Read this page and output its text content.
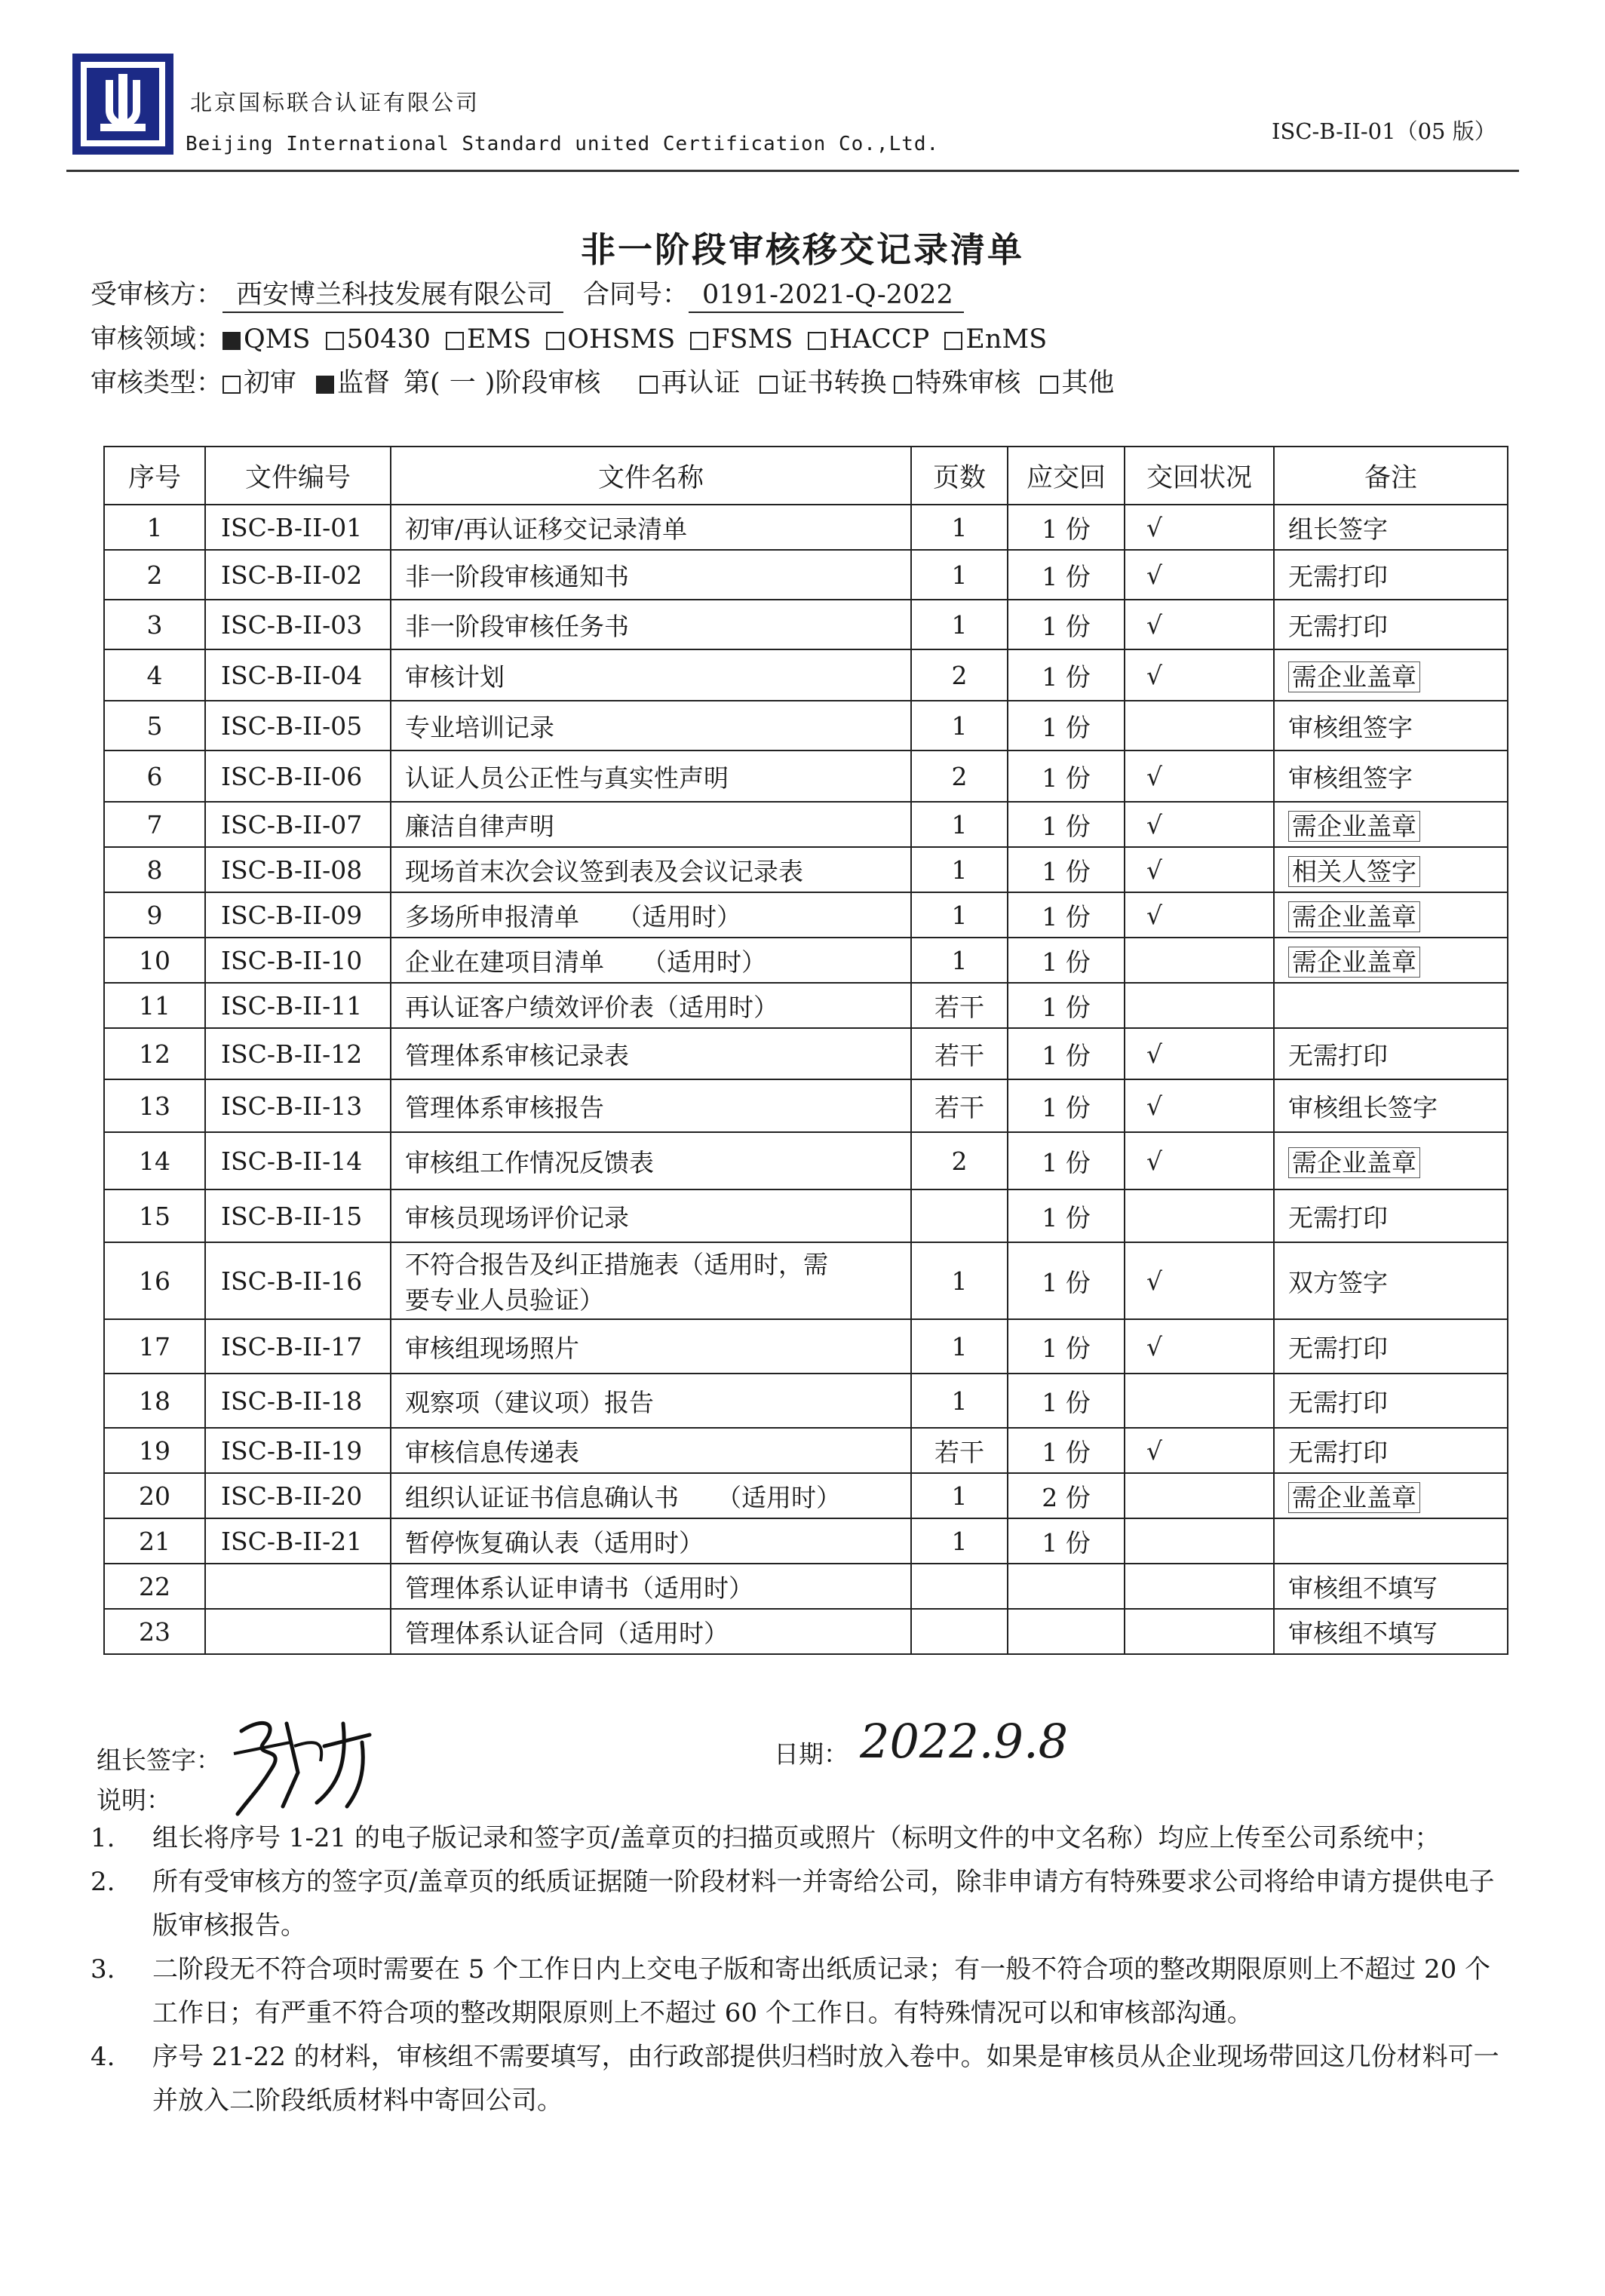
北京国标联合认证有限公司
Beijing International Standard united Certification Co.,Ltd.	ISC-B-II-01（05 版）
非一阶段审核移交记录清单
受审核方： 西安博兰科技发展有限公司 合同号： 0191-2021-Q-2022
审核领域： QMS 50430 EMS OHSMS FSMS HACCP EnMS
审核类型： 初审 监督 第( 一 )阶段审核 再认证 证书转换 特殊审核 其他
序号	文件编号	文件名称	页数	应交回	交回状况	备注
1	ISC-B-II-01	初审/再认证移交记录清单	1	1 份	√	组长签字
2	ISC-B-II-02	非一阶段审核通知书	1	1 份	√	无需打印
3	ISC-B-II-03	非一阶段审核任务书	1	1 份	√	无需打印
4	ISC-B-II-04	审核计划	2	1 份	√	需企业盖章
5	ISC-B-II-05	专业培训记录	1	1 份		审核组签字
6	ISC-B-II-06	认证人员公正性与真实性声明	2	1 份	√	审核组签字
7	ISC-B-II-07	廉洁自律声明	1	1 份	√	需企业盖章
8	ISC-B-II-08	现场首末次会议签到表及会议记录表	1	1 份	√	相关人签字
9	ISC-B-II-09	多场所申报清单 （适用时）	1	1 份	√	需企业盖章
10	ISC-B-II-10	企业在建项目清单 （适用时）	1	1 份		需企业盖章
11	ISC-B-II-11	再认证客户绩效评价表（适用时）	若干	1 份		
12	ISC-B-II-12	管理体系审核记录表	若干	1 份	√	无需打印
13	ISC-B-II-13	管理体系审核报告	若干	1 份	√	审核组长签字
14	ISC-B-II-14	审核组工作情况反馈表	2	1 份	√	需企业盖章
15	ISC-B-II-15	审核员现场评价记录		1 份		无需打印
16	ISC-B-II-16	不符合报告及纠正措施表（适用时，需
要专业人员验证）	1	1 份	√	双方签字
17	ISC-B-II-17	审核组现场照片	1	1 份	√	无需打印
18	ISC-B-II-18	观察项（建议项）报告	1	1 份		无需打印
19	ISC-B-II-19	审核信息传递表	若干	1 份	√	无需打印
20	ISC-B-II-20	组织认证证书信息确认书 （适用时）	1	2 份		需企业盖章
21	ISC-B-II-21	暂停恢复确认表（适用时）	1	1 份		
22		管理体系认证申请书（适用时）				审核组不填写
23		管理体系认证合同（适用时）				审核组不填写
组长签字：	日期： 2022.9.8
说明：
1.	组长将序号 1-21 的电子版记录和签字页/盖章页的扫描页或照片（标明文件的中文名称）均应上传至公司系统中；
2.	所有受审核方的签字页/盖章页的纸质证据随一阶段材料一并寄给公司，除非申请方有特殊要求公司将给申请方提供电子版审核报告。
3.	二阶段无不符合项时需要在 5 个工作日内上交电子版和寄出纸质记录；有一般不符合项的整改期限原则上不超过 20 个工作日；有严重不符合项的整改期限原则上不超过 60 个工作日。有特殊情况可以和审核部沟通。
4.	序号 21-22 的材料，审核组不需要填写，由行政部提供归档时放入卷中。如果是审核员从企业现场带回这几份材料可一并放入二阶段纸质材料中寄回公司。
